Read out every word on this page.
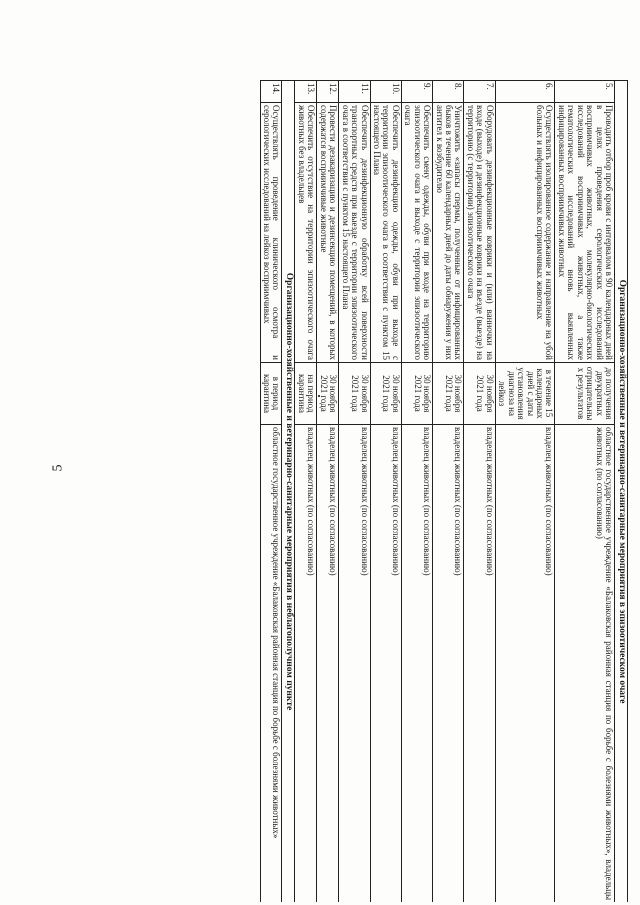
5	Организационно-хозяйственные и ветеринарно-санитарные мероприятия в эпизоотическом очаге			
5.	Проводить отбор проб крови с интервалом в 90 календарных дней в целях проведения серологических исследований восприимчивых животных, молекулярно-биологических исследований восприимчивых животных, а также гематологических исследований вновь выявленных инфицированных восприимчивых животных	до получения двукратных отрицательных результатов	областное государственное учреждение «Балаковская районная станция по борьбе с болезнями животных», владельцы животных (по согласованию)
6.	Осуществлять изолированное содержание и направление на убой больных и инфицированных восприимчивых животных	в течение 15 календарных дней с даты установления диагноза на лейкоз	владелец животных (по согласованию)
7.	Оборудовать дезинфекционные коврики и (или) ванночки на входе (выходе) и дезинфекционные коврики на въезде (выезде) на территорию (с территории) эпизоотического очага	30 ноября 2021 года	владелец животных (по согласованию)
8.	Уничтожить «запасы спермы, полученные от инфицированных быков в течение 60 календарных дней до даты обнаружения у них антител к возбудителю	30 ноября 2021 года	владелец животных (по согласованию)
9.	Обеспечить смену одежды, обуви при входе на территорию эпизоотического очага и выходе с территории эпизоотического очага	30 ноября 2021 года	владелец животных (по согласованию)
10.	Обеспечить дезинфекцию одежды, обуви при выходе с территории эпизоотического очага в соответствии с пунктом 15 настоящего Плана	30 ноября 2021 года	владелец животных (по согласованию)
11.	Обеспечить дезинфекционную обработку всей поверхности транспортных средств при выезде с территории эпизоотического очага в соответствии с пунктом 15 настоящего Плана	30 ноября 2021 года	владелец животных (по согласованию)
12.	Провести дезакаризацию и дезинсекцию помещений, в которых содержатся восприимчивые животные	30 ноября 2021 года	владелец животных (по согласованию)
13.	Обеспечить отсутствие на территории эпизоотического очага животных без владельцев	на период карантина	владелец животных (по согласованию)
Организационно-хозяйственные и ветеринарно-санитарные мероприятия в неблагополучном пункте			
14.	Осуществлять проведение клинического осмотра и серологических исследований на лейкоз восприимчивых	в период карантина	областное государственное учреждение «Балаковская районная станция по борьбе с болезнями животных»
